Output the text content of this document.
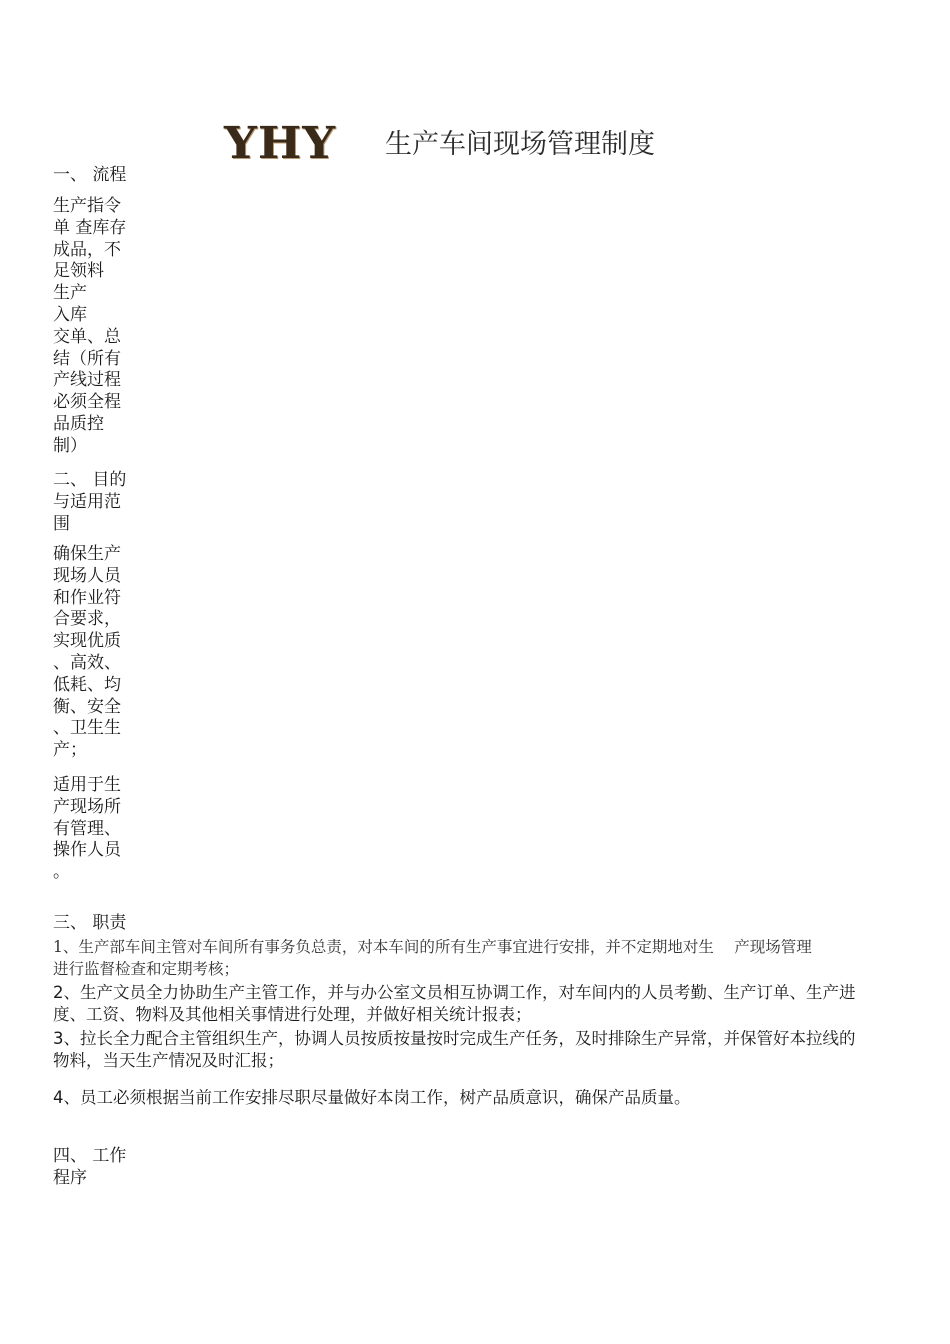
YHY 生产车间现场管理制度
一、 流程
生产指令
单 查库存
成品，不
足领料
生产
入库
交单、总
结（所有
产线过程
必须全程
品质控
制）
二、 目的
与适用范
围
确保生产
现场人员
和作业符
合要求，
实现优质
、高效、
低耗、均
衡、安全
、卫生生
产；
适用于生
产现场所
有管理、
操作人员
。
三、 职责
1、生产部车间主管对车间所有事务负总责，对本车间的所有生产事宜进行安排，并不定期地对生　 产现场管理
进行监督检查和定期考核；
2、生产文员全力协助生产主管工作，并与办公室文员相互协调工作，对车间内的人员考勤、生产订单、生产进
度、工资、物料及其他相关事情进行处理，并做好相关统计报表；
3、拉长全力配合主管组织生产，协调人员按质按量按时完成生产任务，及时排除生产异常，并保管好本拉线的
物料，当天生产情况及时汇报；
4、员工必须根据当前工作安排尽职尽量做好本岗工作，树产品质意识，确保产品质量。
四、 工作
程序
